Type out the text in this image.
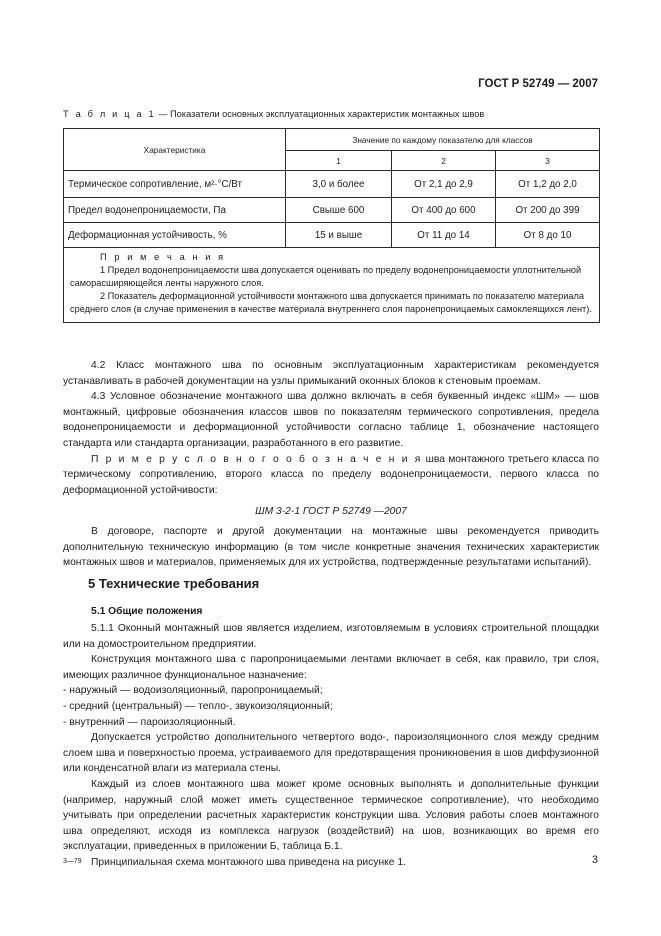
ГОСТ Р 52749 — 2007
Т а б л и ц а 1 — Показатели основных эксплуатационных характеристик монтажных швов
Характеристика	Значение по каждому показателю для классов		
	1	2	3
Термическое сопротивление, м²·°С/Вт	3,0 и более	От 2,1 до 2,9	От 1,2 до 2,0
Предел водонепроницаемости, Па	Свыше 600	От 400 до 600	От 200 до 399
Деформационная устойчивость, %	15 и выше	От 11 до 14	От 8 до 10

П р и м е ч а н и я
1 Предел водонепроницаемости шва допускается оценивать по пределу водонепроницаемости уплотнительной саморасширяющейся ленты наружного слоя.
2 Показатель деформационной устойчивости монтажного шва допускается принимать по показателю материала среднего слоя (в случае применения в качестве материала внутреннего слоя паронепроницаемых самоклеящихся лент).			

4.2 Класс монтажного шва по основным эксплуатационным характеристикам рекомендуется устанавливать в рабочей документации на узлы примыканий оконных блоков к стеновым проемам.

4.3 Условное обозначение монтажного шва должно включать в себя буквенный индекс «ШМ» — шов монтажный, цифровые обозначения классов швов по показателям термического сопротивления, предела водонепроницаемости и деформационной устойчивости согласно таблице 1, обозначение настоящего стандарта или стандарта организации, разработанного в его развитие.

П р и м е р у с л о в н о г о о б о з н а ч е н и я шва монтажного третьего класса по термическому сопротивлению, второго класса по пределу водонепроницаемости, первого класса по деформационной устойчивости:

ШМ 3-2-1 ГОСТ Р 52749 —2007

В договоре, паспорте и другой документации на монтажные швы рекомендуется приводить дополнительную техническую информацию (в том числе конкретные значения технических характеристик монтажных швов и материалов, применяемых для их устройства, подтвержденные результатами испытаний).

5 Технические требования
5.1 Общие положения

5.1.1 Оконный монтажный шов является изделием, изготовляемым в условиях строительной площадки или на домостроительном предприятии.

Конструкция монтажного шва с паропроницаемыми лентами включает в себя, как правило, три слоя, имеющих различное функциональное назначение:

- наружный — водоизоляционный, паропроницаемый;

- средний (центральный) — тепло-, звукоизоляционный;

- внутренний — пароизоляционный.

Допускается устройство дополнительного четвертого водо-, пароизоляционного слоя между средним слоем шва и поверхностью проема, устраиваемого для предотвращения проникновения в шов диффузионной или конденсатной влаги из материала стены.

Каждый из слоев монтажного шва может кроме основных выполнять и дополнительные функции (например, наружный слой может иметь существенное термическое сопротивление), что необходимо учитывать при определении расчетных характеристик конструкции шва. Условия работы слоев монтажного шва определяют, исходя из комплекса нагрузок (воздействий) на шов, возникающих во время его эксплуатации, приведенных в приложении Б, таблица Б.1.

Принципиальная схема монтажного шва приведена на рисунке 1.

3—79	3
